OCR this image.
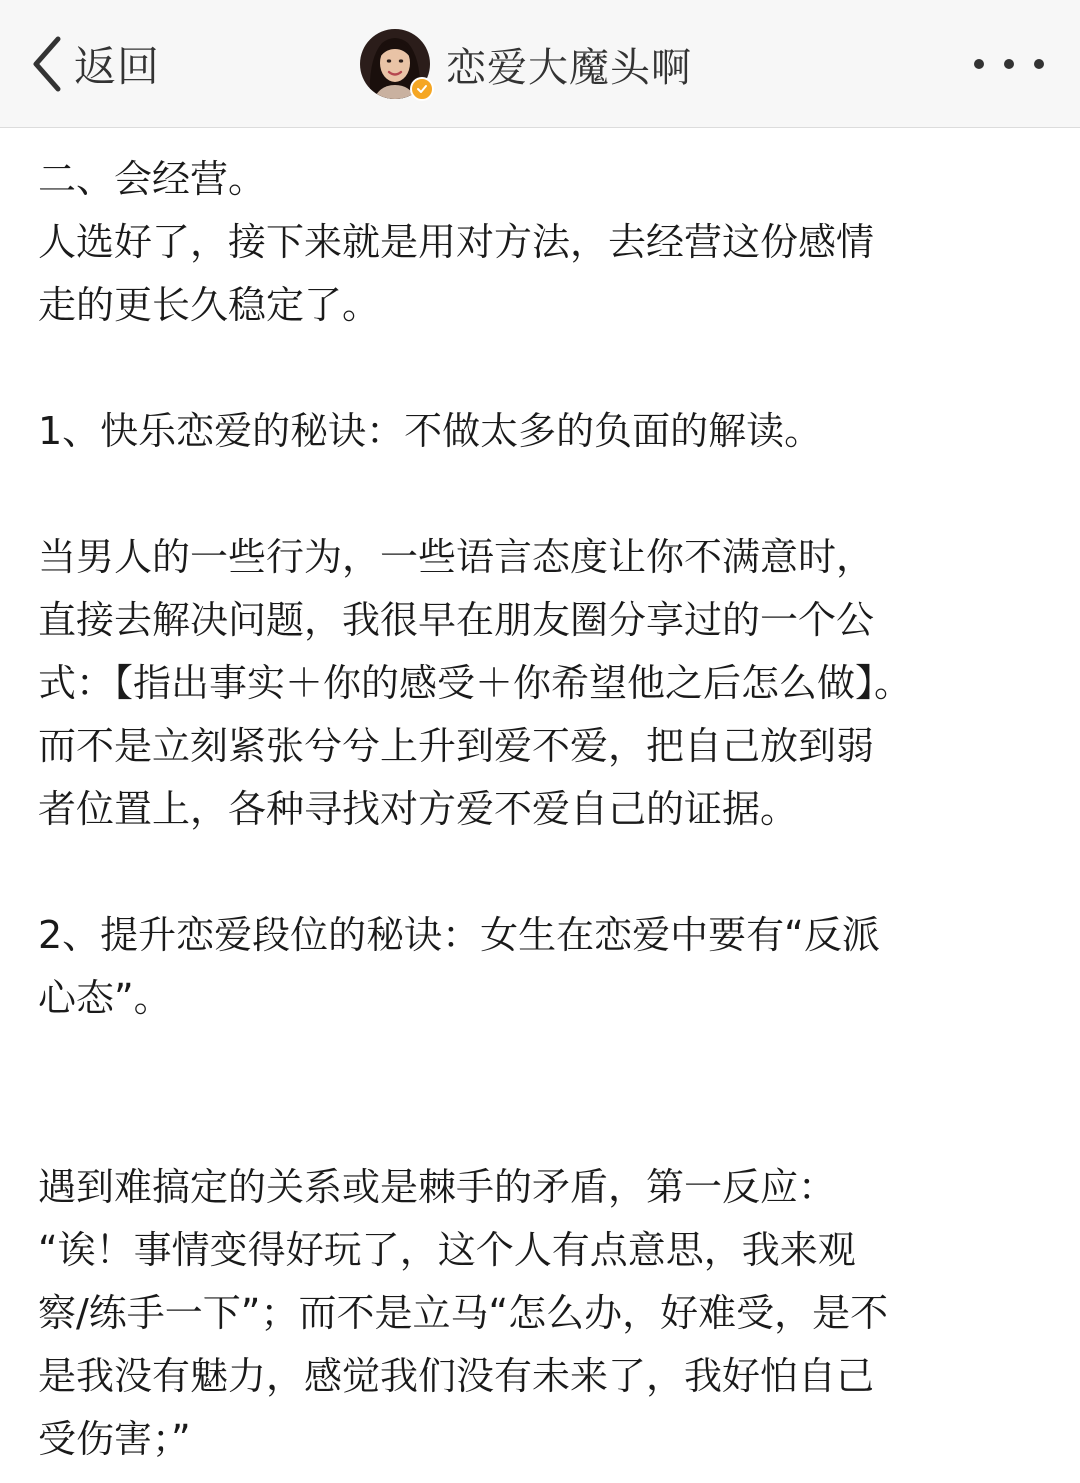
返回	恋爱大魔头啊
二、会经营。
人选好了，接下来就是用对方法，去经营这份感情
走的更长久稳定了。
1、快乐恋爱的秘诀：不做太多的负面的解读。
当男人的一些行为，一些语言态度让你不满意时，
直接去解决问题，我很早在朋友圈分享过的一个公
式：【指出事实＋你的感受＋你希望他之后怎么做】。
而不是立刻紧张兮兮上升到爱不爱，把自己放到弱
者位置上，各种寻找对方爱不爱自己的证据。
2、提升恋爱段位的秘诀：女生在恋爱中要有“反派
心态”。
遇到难搞定的关系或是棘手的矛盾，第一反应：
“诶！事情变得好玩了，这个人有点意思，我来观
察/练手一下”；而不是立马“怎么办，好难受，是不
是我没有魅力，感觉我们没有未来了，我好怕自己
受伤害；”
